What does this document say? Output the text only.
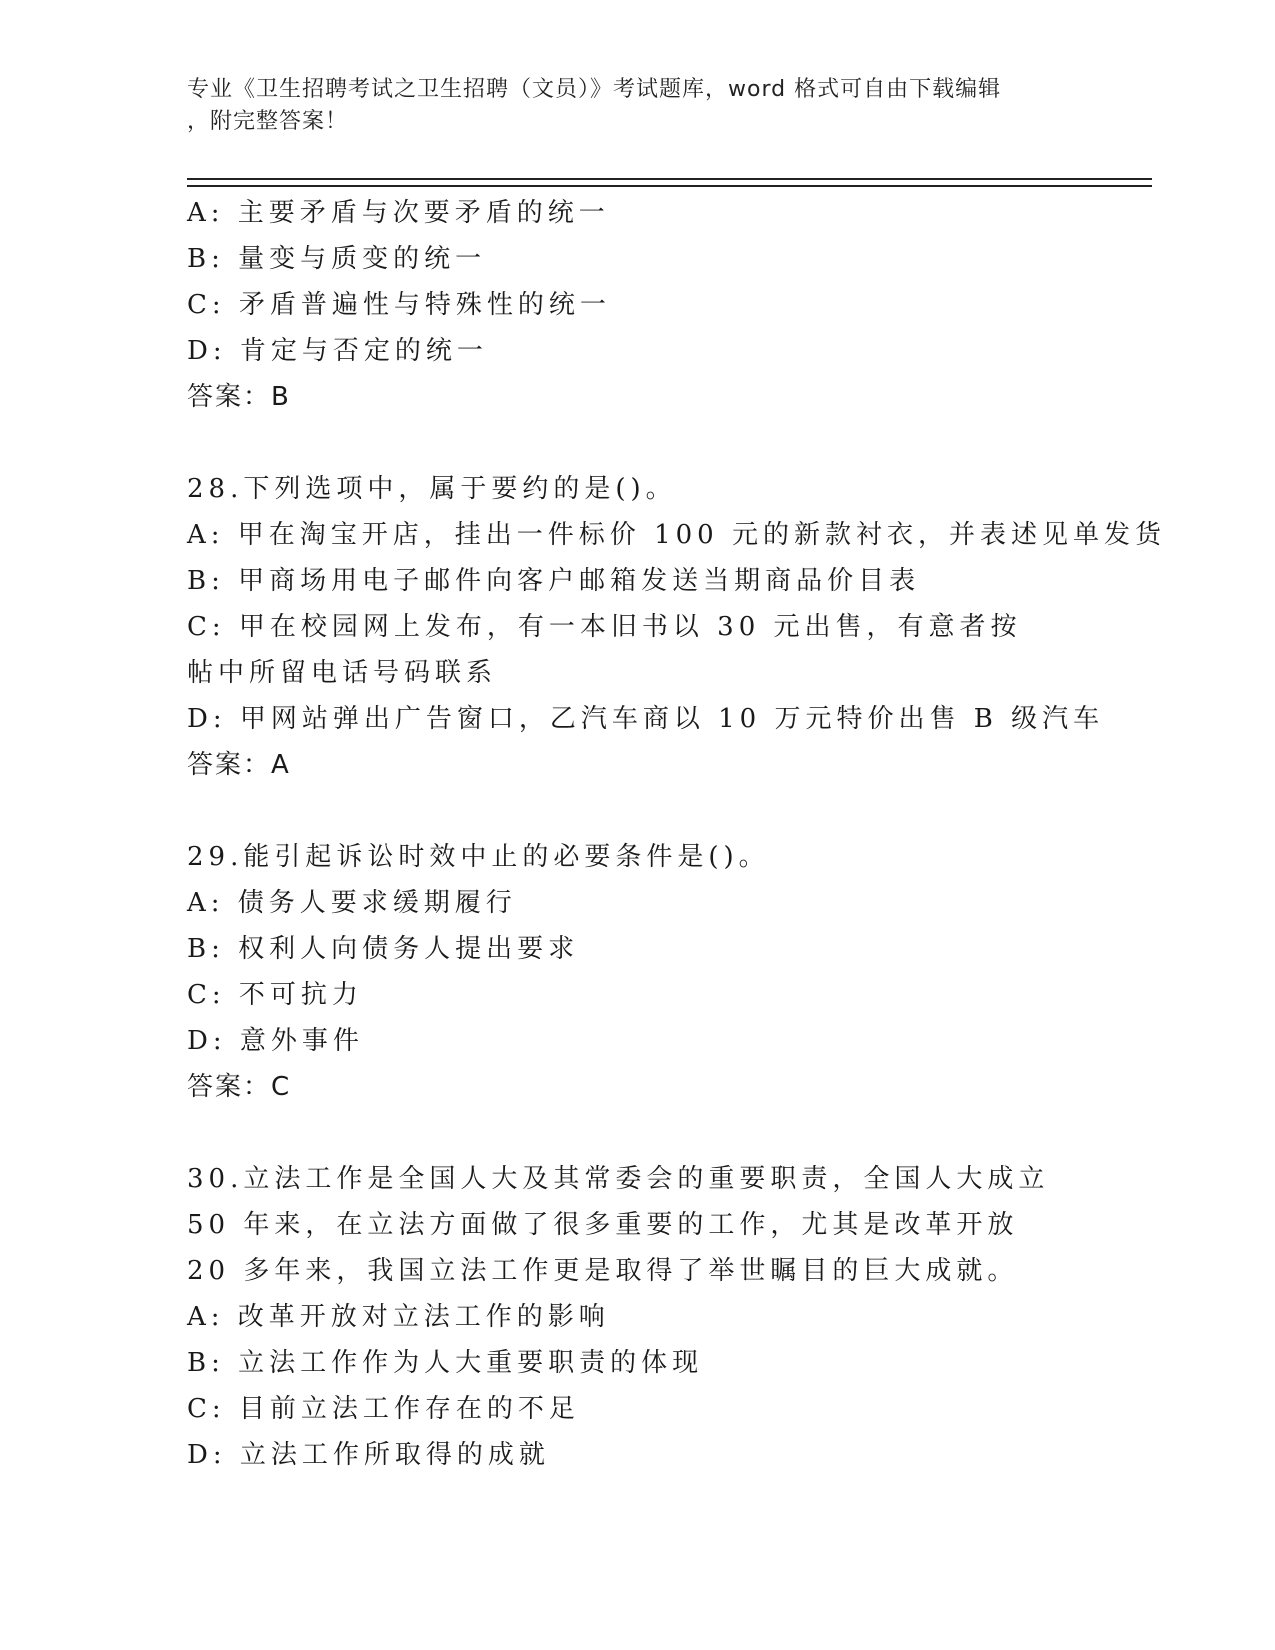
专业《卫生招聘考试之卫生招聘（文员）》考试题库，word 格式可自由下载编辑
，附完整答案！
A: 主要矛盾与次要矛盾的统一
B: 量变与质变的统一
C: 矛盾普遍性与特殊性的统一
D: 肯定与否定的统一
答案：B
28.下列选项中，属于要约的是()。
A: 甲在淘宝开店，挂出一件标价 100 元的新款衬衣，并表述见单发货
B: 甲商场用电子邮件向客户邮箱发送当期商品价目表
C: 甲在校园网上发布，有一本旧书以 30 元出售，有意者按帖中所留电话号码联系
D: 甲网站弹出广告窗口，乙汽车商以 10 万元特价出售 B 级汽车
答案：A
29.能引起诉讼时效中止的必要条件是()。
A: 债务人要求缓期履行
B: 权利人向债务人提出要求
C: 不可抗力
D: 意外事件
答案：C
30.立法工作是全国人大及其常委会的重要职责，全国人大成立 50 年来，在立法方面做了很多重要的工作，尤其是改革开放 20 多年来，我国立法工作更是取得了举世瞩目的巨大成就。
A: 改革开放对立法工作的影响
B: 立法工作作为人大重要职责的体现
C: 目前立法工作存在的不足
D: 立法工作所取得的成就
